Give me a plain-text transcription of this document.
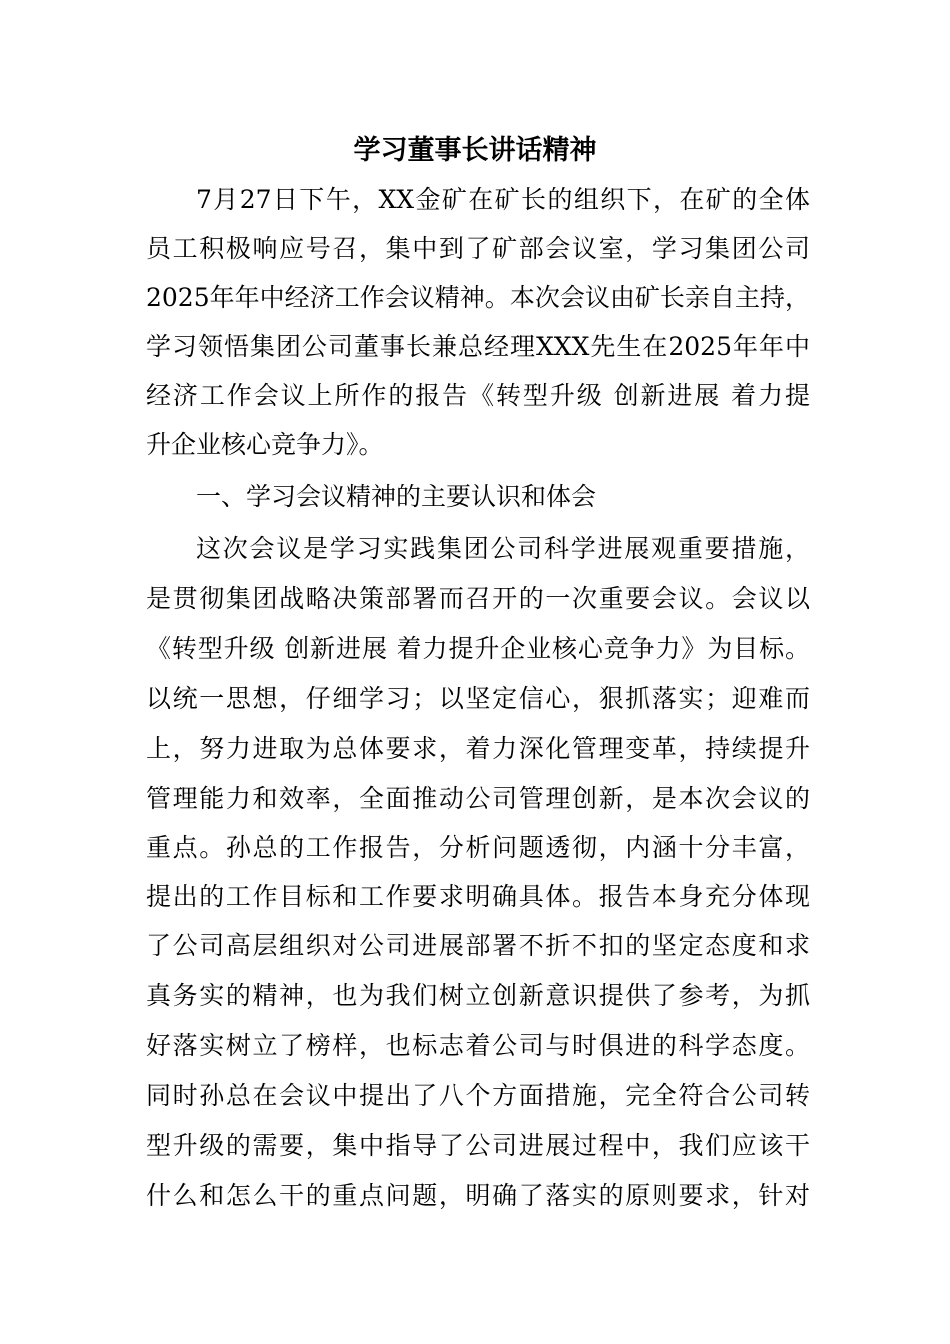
学习董事长讲话精神
7月27日下午，XX金矿在矿长的组织下，在矿的全体
员工积极响应号召，集中到了矿部会议室，学习集团公司
2025年年中经济工作会议精神。本次会议由矿长亲自主持，
学习领悟集团公司董事长兼总经理XXX先生在2025年年中
经济工作会议上所作的报告《转型升级 创新进展 着力提
升企业核心竞争力》。
一、学习会议精神的主要认识和体会
这次会议是学习实践集团公司科学进展观重要措施，
是贯彻集团战略决策部署而召开的一次重要会议。会议以
《转型升级 创新进展 着力提升企业核心竞争力》为目标。
以统一思想，仔细学习；以坚定信心，狠抓落实；迎难而
上，努力进取为总体要求，着力深化管理变革，持续提升
管理能力和效率，全面推动公司管理创新，是本次会议的
重点。孙总的工作报告，分析问题透彻，内涵十分丰富，
提出的工作目标和工作要求明确具体。报告本身充分体现
了公司高层组织对公司进展部署不折不扣的坚定态度和求
真务实的精神，也为我们树立创新意识提供了参考，为抓
好落实树立了榜样，也标志着公司与时俱进的科学态度。
同时孙总在会议中提出了八个方面措施，完全符合公司转
型升级的需要，集中指导了公司进展过程中，我们应该干
什么和怎么干的重点问题，明确了落实的原则要求，针对
